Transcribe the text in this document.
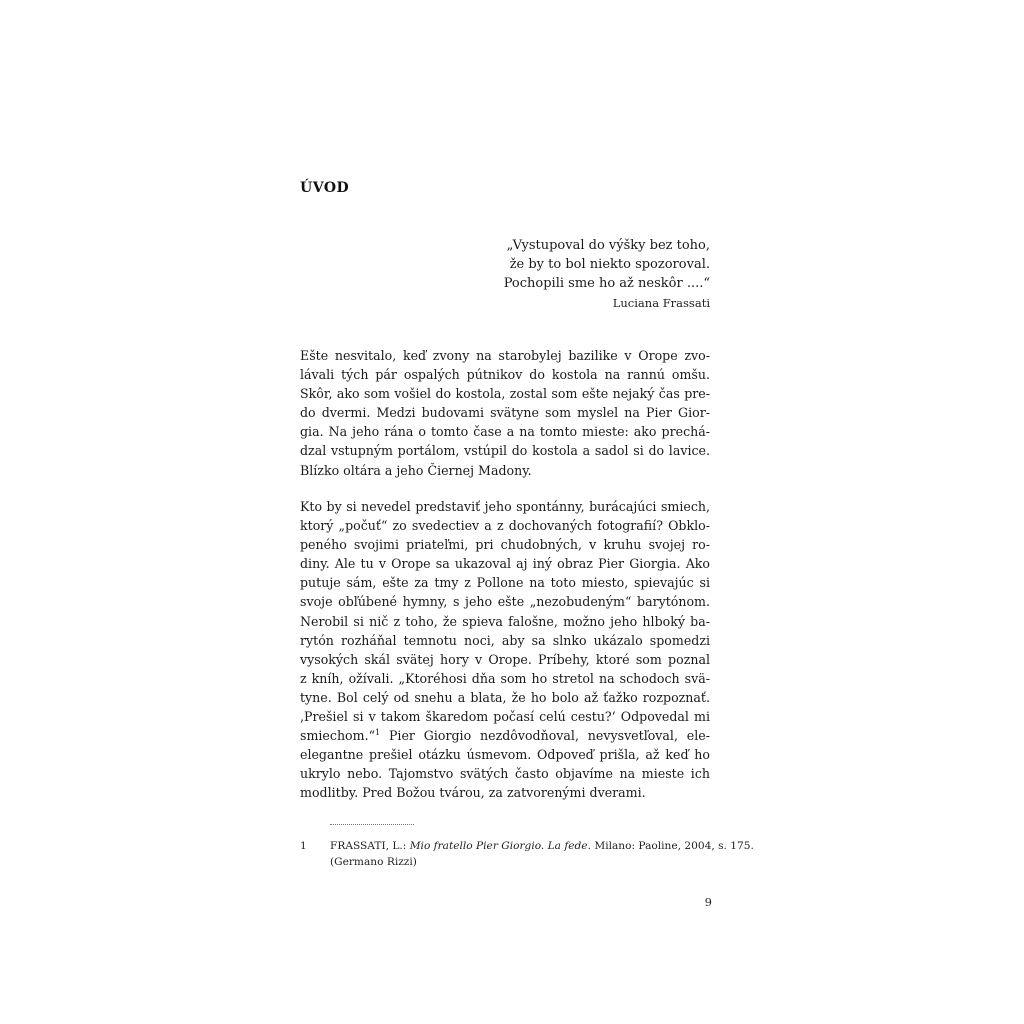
ÚVOD
„Vystupoval do výšky bez toho,
že by to bol niekto spozoroval.
Pochopili sme ho až neskôr ....“
Luciana Frassati
Ešte nesvitalo, keď zvony na starobylej bazilike v Orope zvo-
lávali tých pár ospalých pútnikov do kostola na rannú omšu.
Skôr, ako som vošiel do kostola, zostal som ešte nejaký čas pre-
do dvermi. Medzi budovami svätyne som myslel na Pier Gior-
gia. Na jeho rána o tomto čase a na tomto mieste: ako prechá-
dzal vstupným portálom, vstúpil do kostola a sadol si do lavice.
Blízko oltára a jeho Čiernej Madony.
Kto by si nevedel predstaviť jeho spontánny, burácajúci smiech,
ktorý „počuť“ zo svedectiev a z dochovaných fotografií? Obklo-
peného svojimi priateľmi, pri chudobných, v kruhu svojej ro-
diny. Ale tu v Orope sa ukazoval aj iný obraz Pier Giorgia. Ako
putuje sám, ešte za tmy z Pollone na toto miesto, spievajúc si
svoje obľúbené hymny, s jeho ešte „nezobudeným“ barytónom.
Nerobil si nič z toho, že spieva falošne, možno jeho hlboký ba-
rytón rozháňal temnotu noci, aby sa slnko ukázalo spomedzi
vysokých skál svätej hory v Orope. Príbehy, ktoré som poznal
z kníh, ožívali. „Ktoréhosi dňa som ho stretol na schodoch svä-
tyne. Bol celý od snehu a blata, že ho bolo až ťažko rozpoznať.
‚Prešiel si v takom škaredom počasí celú cestu?‘ Odpovedal mi
smiechom.“$^1$ Pier Giorgio nezdôvodňoval, nevysvetľoval, ele-
elegantne prešiel otázku úsmevom. Odpoveď prišla, až keď ho
ukrylo nebo. Tajomstvo svätých často objavíme na mieste ich
modlitby. Pred Božou tvárou, za zatvorenými dverami.
1 FRASSATI, L.: Mio fratello Pier Giorgio. La fede. Milano: Paoline, 2004, s. 175.
(Germano Rizzi)
9
